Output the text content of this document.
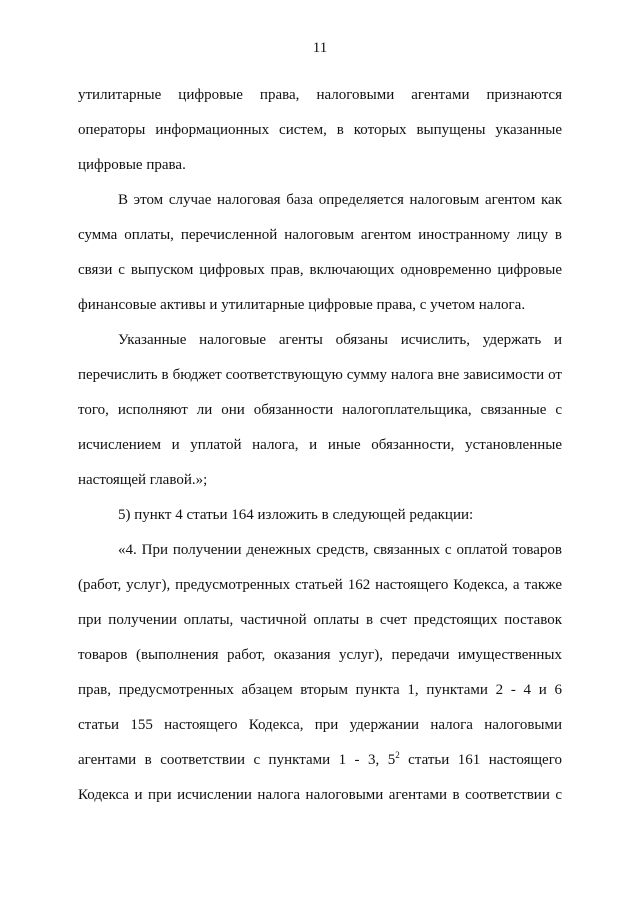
11
утилитарные цифровые права, налоговыми агентами признаются
операторы информационных систем, в которых выпущены указанные
цифровые права.
В этом случае налоговая база определяется налоговым агентом как
сумма оплаты, перечисленной налоговым агентом иностранному лицу в
связи с выпуском цифровых прав, включающих одновременно цифровые
финансовые активы и утилитарные цифровые права, с учетом налога.
Указанные налоговые агенты обязаны исчислить, удержать и
перечислить в бюджет соответствующую сумму налога вне зависимости от
того, исполняют ли они обязанности налогоплательщика, связанные с
исчислением и уплатой налога, и иные обязанности, установленные
настоящей главой.»;
5) пункт 4 статьи 164 изложить в следующей редакции:
«4. При получении денежных средств, связанных с оплатой товаров
(работ, услуг), предусмотренных статьей 162 настоящего Кодекса, а также
при получении оплаты, частичной оплаты в счет предстоящих поставок
товаров (выполнения работ, оказания услуг), передачи имущественных
прав, предусмотренных абзацем вторым пункта 1, пунктами 2 - 4 и 6
статьи 155 настоящего Кодекса, при удержании налога налоговыми
агентами в соответствии с пунктами 1 - 3, $5^2$ статьи 161 настоящего
Кодекса и при исчислении налога налоговыми агентами в соответствии с
